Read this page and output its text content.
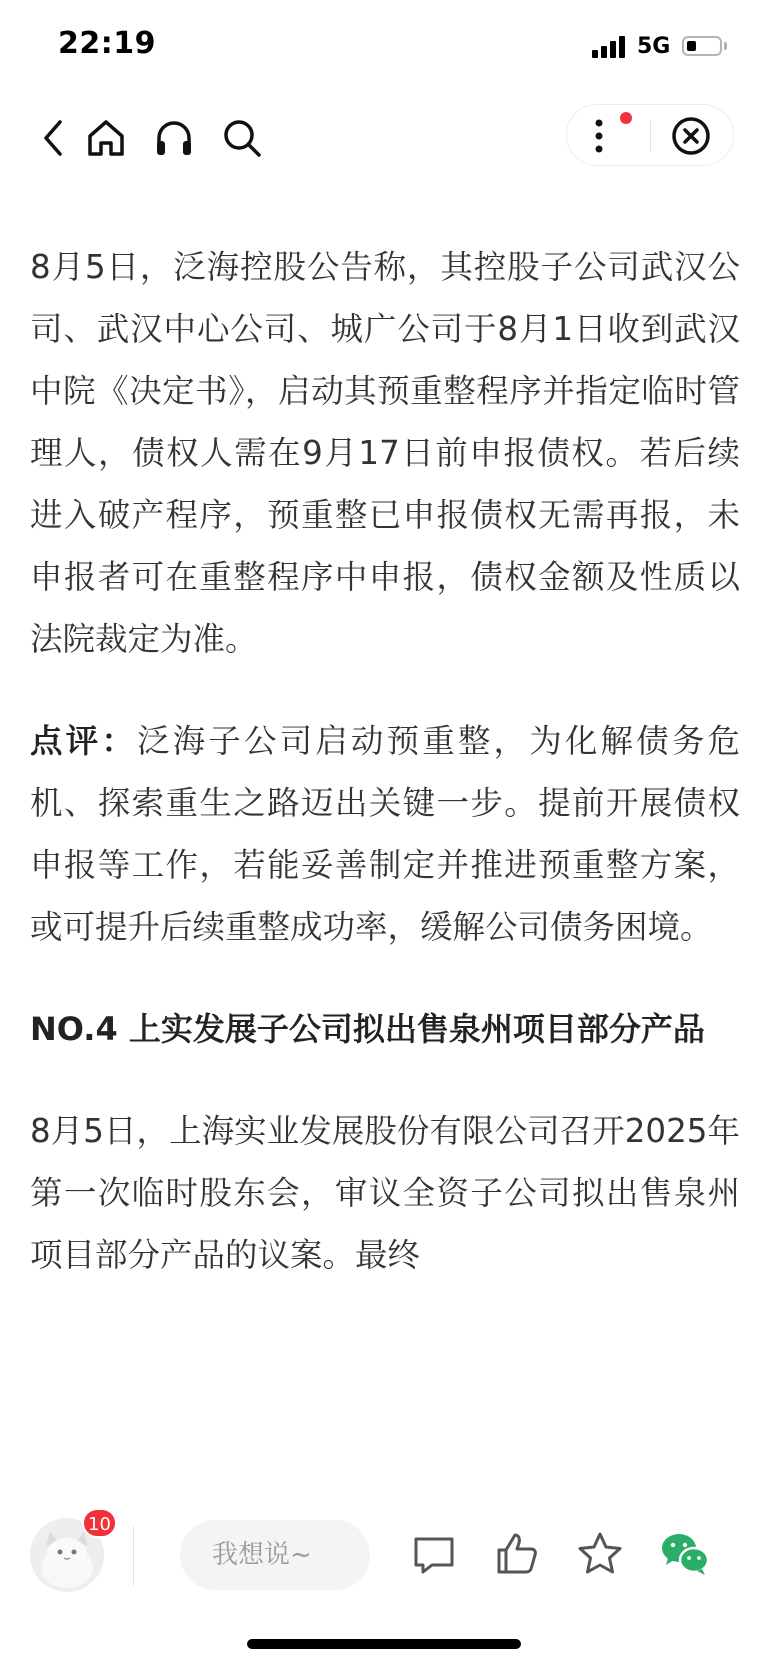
22:19	5G

8月5日，泛海控股公告称，其控股子公司武汉公司、武汉中心公司、城广公司于8月1日收到武汉中院《决定书》，启动其预重整程序并指定临时管理人，债权人需在9月17日前申报债权。若后续进入破产程序，预重整已申报债权无需再报，未申报者可在重整程序中申报，债权金额及性质以法院裁定为准。

点评：泛海子公司启动预重整，为化解债务危机、探索重生之路迈出关键一步。提前开展债权申报等工作，若能妥善制定并推进预重整方案，或可提升后续重整成功率，缓解公司债务困境。

NO.4 上实发展子公司拟出售泉州项目部分产品

8月5日，上海实业发展股份有限公司召开2025年第一次临时股东会，审议全资子公司拟出售泉州项目部分产品的议案。最终

10
我想说~
